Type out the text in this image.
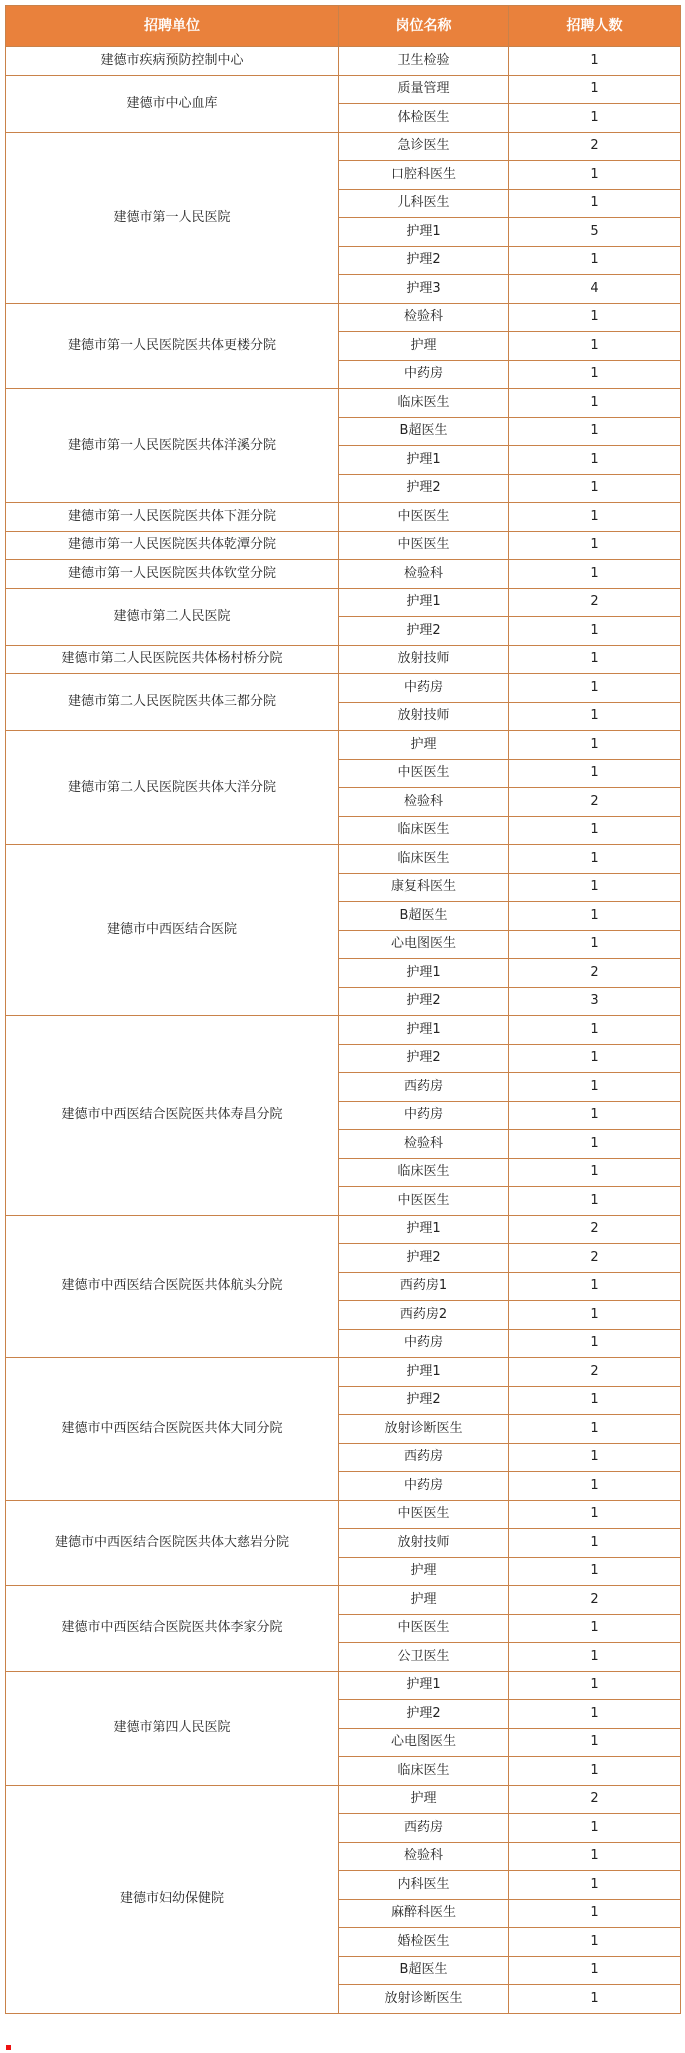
招聘单位	岗位名称	招聘人数
建德市疾病预防控制中心	卫生检验	1
建德市中心血库	质量管理	1
	体检医生	1
建德市第一人民医院	急诊医生	2
	口腔科医生	1
	儿科医生	1
	护理1	5
	护理2	1
	护理3	4
建德市第一人民医院医共体更楼分院	检验科	1
	护理	1
	中药房	1
建德市第一人民医院医共体洋溪分院	临床医生	1
	B超医生	1
	护理1	1
	护理2	1
建德市第一人民医院医共体下涯分院	中医医生	1
建德市第一人民医院医共体乾潭分院	中医医生	1
建德市第一人民医院医共体钦堂分院	检验科	1
建德市第二人民医院	护理1	2
	护理2	1
建德市第二人民医院医共体杨村桥分院	放射技师	1
建德市第二人民医院医共体三都分院	中药房	1
	放射技师	1
建德市第二人民医院医共体大洋分院	护理	1
	中医医生	1
	检验科	2
	临床医生	1
建德市中西医结合医院	临床医生	1
	康复科医生	1
	B超医生	1
	心电图医生	1
	护理1	2
	护理2	3
建德市中西医结合医院医共体寿昌分院	护理1	1
	护理2	1
	西药房	1
	中药房	1
	检验科	1
	临床医生	1
	中医医生	1
建德市中西医结合医院医共体航头分院	护理1	2
	护理2	2
	西药房1	1
	西药房2	1
	中药房	1
建德市中西医结合医院医共体大同分院	护理1	2
	护理2	1
	放射诊断医生	1
	西药房	1
	中药房	1
建德市中西医结合医院医共体大慈岩分院	中医医生	1
	放射技师	1
	护理	1
建德市中西医结合医院医共体李家分院	护理	2
	中医医生	1
	公卫医生	1
建德市第四人民医院	护理1	1
	护理2	1
	心电图医生	1
	临床医生	1
建德市妇幼保健院	护理	2
	西药房	1
	检验科	1
	内科医生	1
	麻醉科医生	1
	婚检医生	1
	B超医生	1
	放射诊断医生	1
